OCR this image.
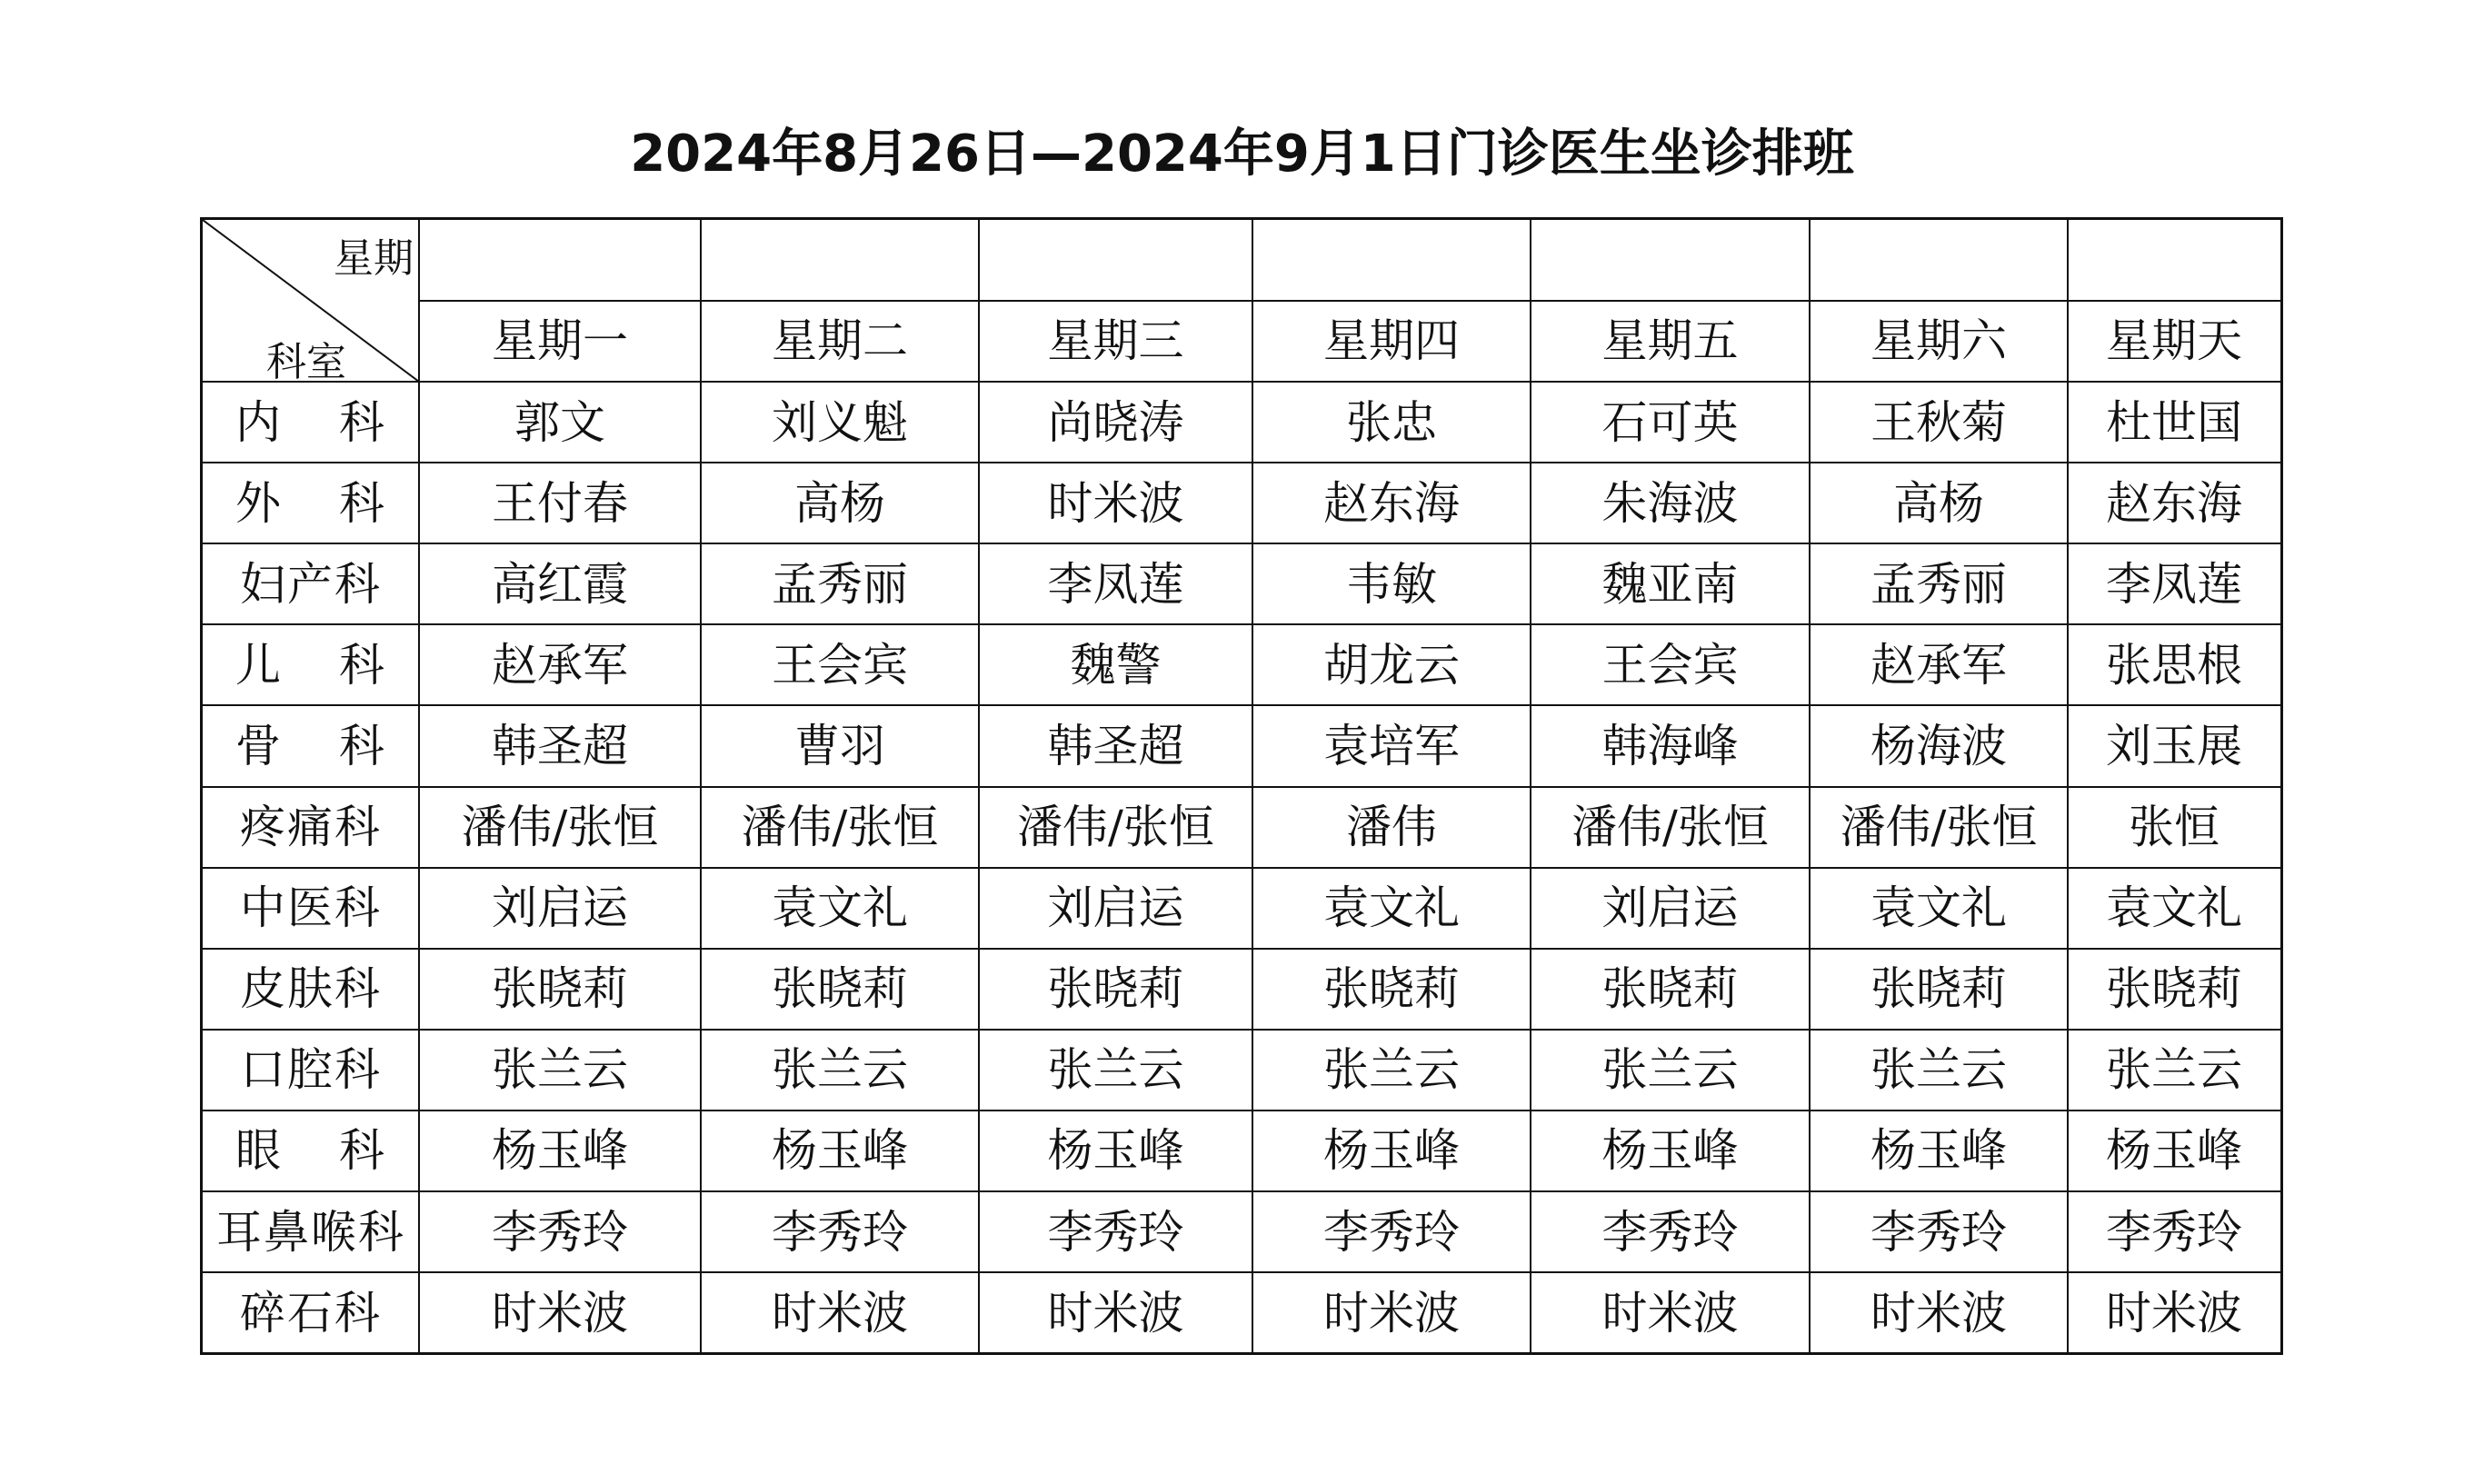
2024年8月26日—2024年9月1日门诊医生坐诊排班
星期
科室	星期一	星期二	星期三	星期四	星期五	星期六	星期天
内 科	郭文	刘义魁	尚晓涛	张忠	石可英	王秋菊	杜世国
外 科	王付春	高杨	时米波	赵东海	朱海波	高杨	赵东海
妇产科	高红霞	孟秀丽	李凤莲	韦敏	魏亚南	孟秀丽	李凤莲
儿 科	赵承军	王会宾	魏警	胡龙云	王会宾	赵承军	张思根
骨 科	韩圣超	曹羽	韩圣超	袁培军	韩海峰	杨海波	刘玉展
疼痛科	潘伟/张恒	潘伟/张恒	潘伟/张恒	潘伟	潘伟/张恒	潘伟/张恒	张恒
中医科	刘启运	袁文礼	刘启运	袁文礼	刘启运	袁文礼	袁文礼
皮肤科	张晓莉	张晓莉	张晓莉	张晓莉	张晓莉	张晓莉	张晓莉
口腔科	张兰云	张兰云	张兰云	张兰云	张兰云	张兰云	张兰云
眼 科	杨玉峰	杨玉峰	杨玉峰	杨玉峰	杨玉峰	杨玉峰	杨玉峰
耳鼻喉科	李秀玲	李秀玲	李秀玲	李秀玲	李秀玲	李秀玲	李秀玲
碎石科	时米波	时米波	时米波	时米波	时米波	时米波	时米波
